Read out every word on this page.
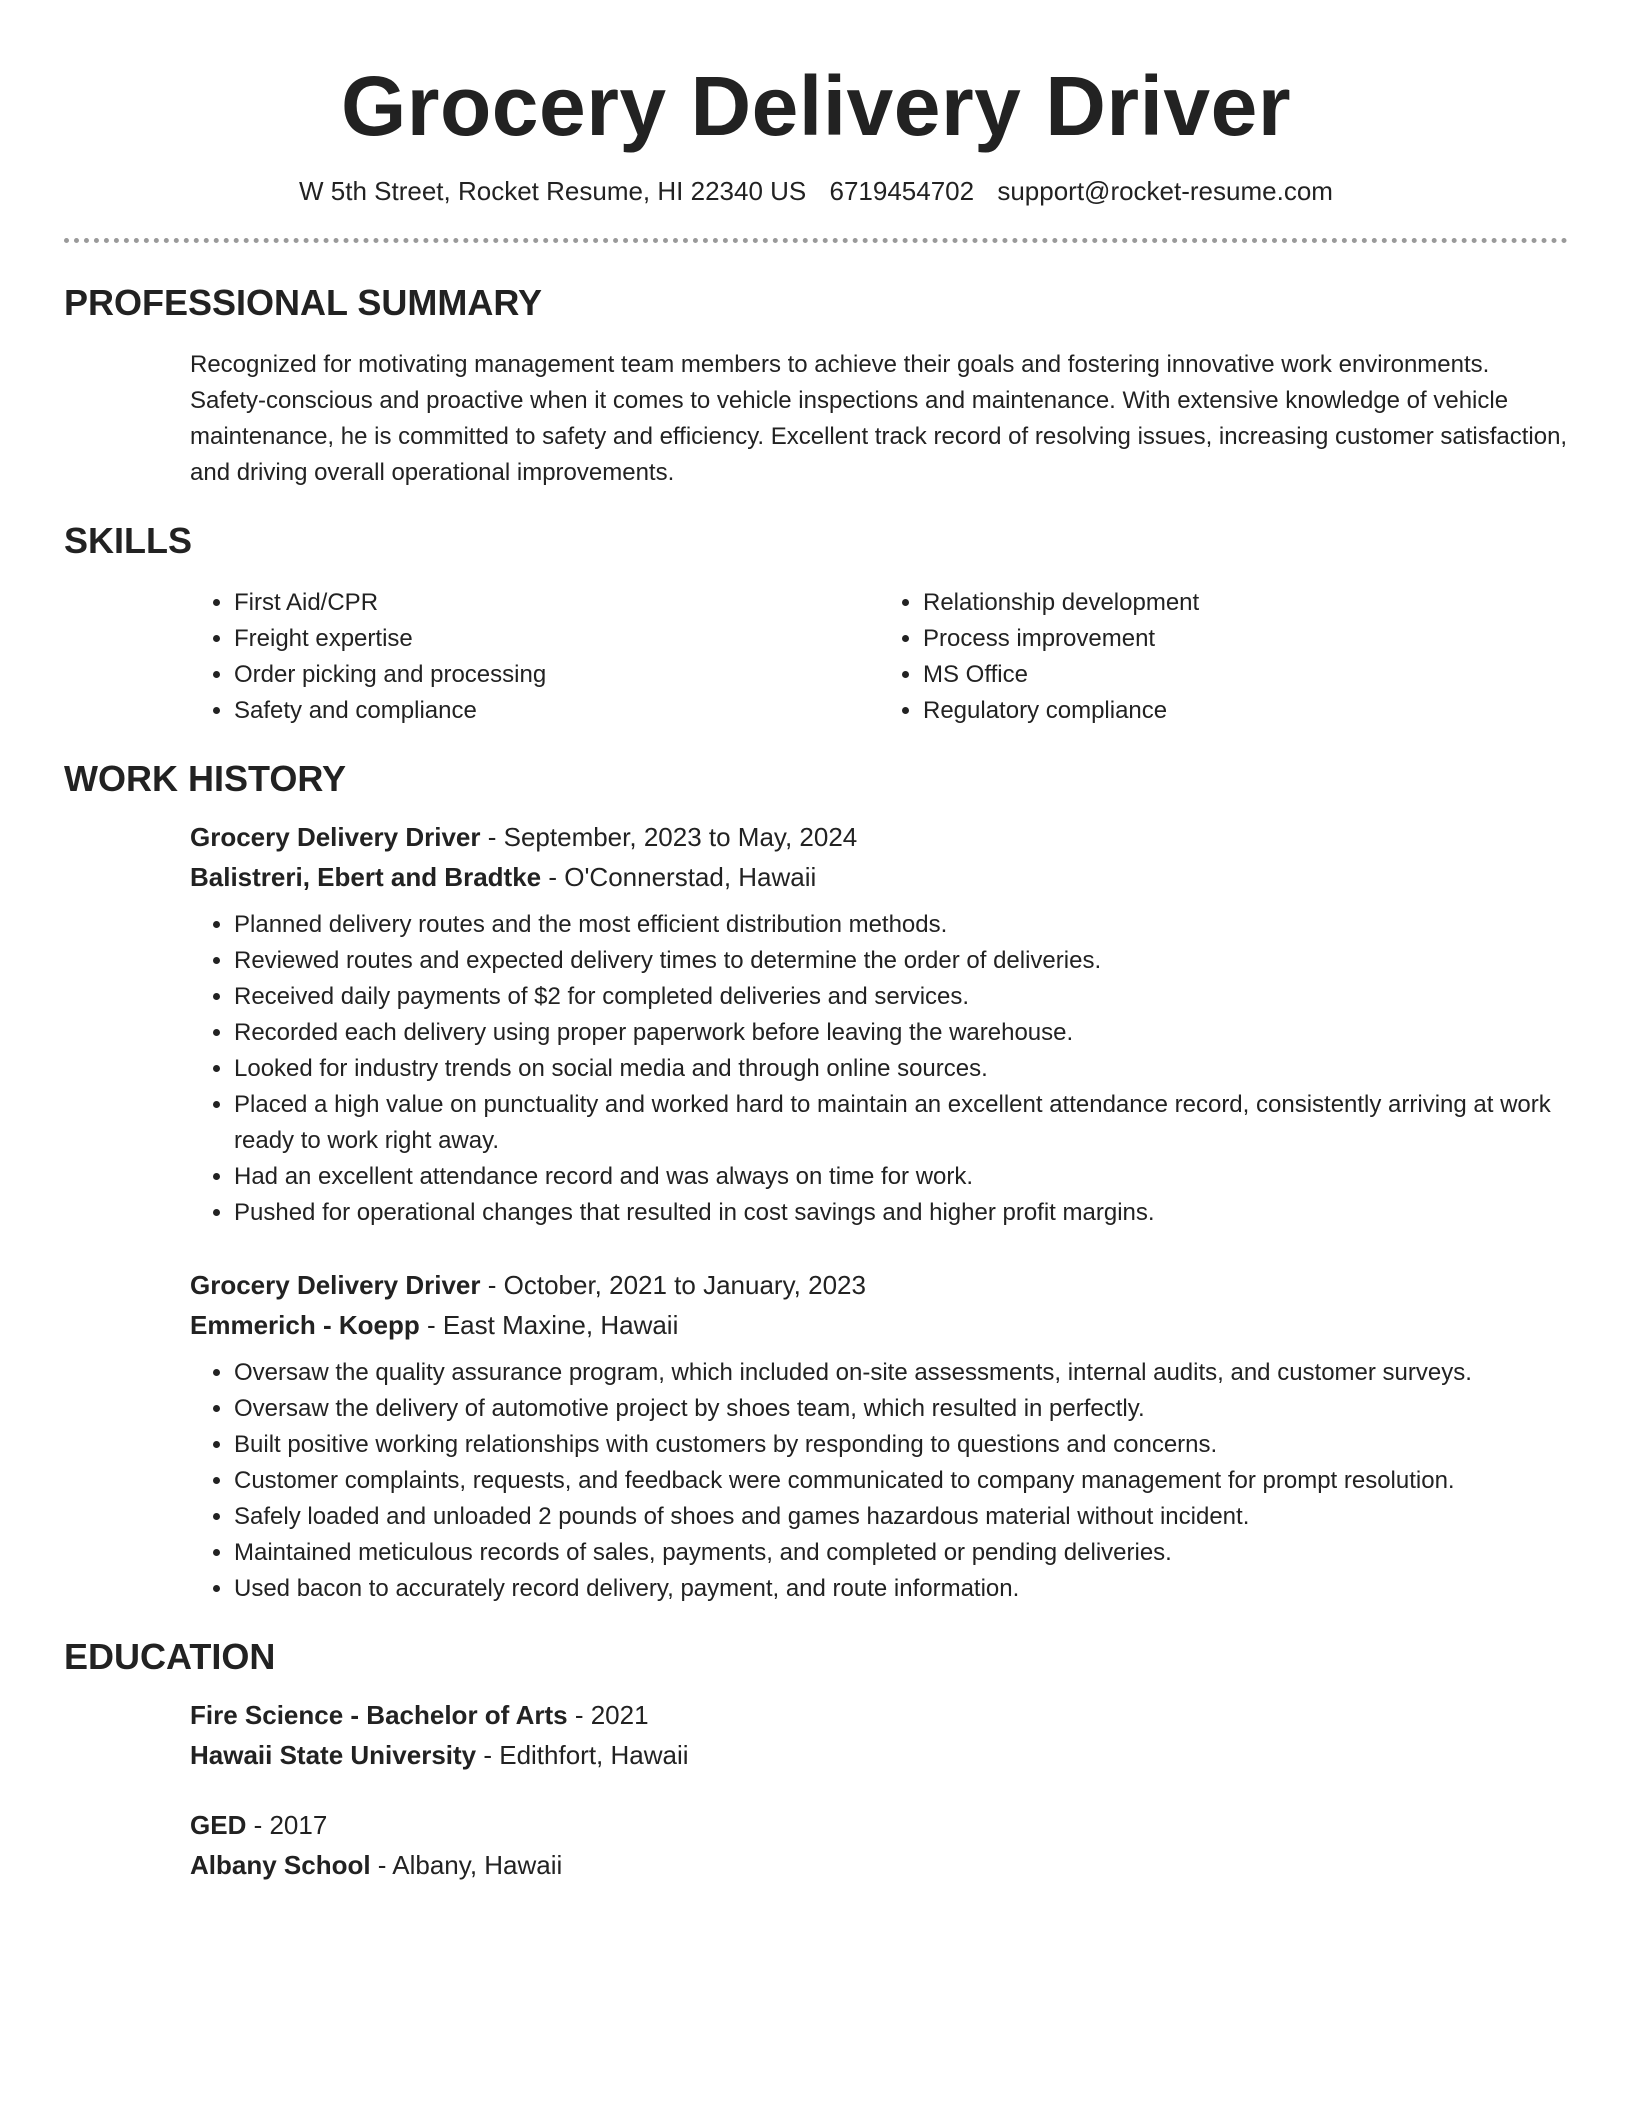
Grocery Delivery Driver
W 5th Street, Rocket Resume, HI 22340 US 6719454702 support@rocket-resume.com
PROFESSIONAL SUMMARY

Recognized for motivating management team members to achieve their goals and fostering innovative work environments. Safety-conscious and proactive when it comes to vehicle inspections and maintenance. With extensive knowledge of vehicle maintenance, he is committed to safety and efficiency. Excellent track record of resolving issues, increasing customer satisfaction, and driving overall operational improvements.

SKILLS
• First Aid/CPR
• Freight expertise
• Order picking and processing
• Safety and compliance
• Relationship development
• Process improvement
• MS Office
• Regulatory compliance
WORK HISTORY
Grocery Delivery Driver - September, 2023 to May, 2024
Balistreri, Ebert and Bradtke - O'Connerstad, Hawaii
• Planned delivery routes and the most efficient distribution methods.
• Reviewed routes and expected delivery times to determine the order of deliveries.
• Received daily payments of $2 for completed deliveries and services.
• Recorded each delivery using proper paperwork before leaving the warehouse.
• Looked for industry trends on social media and through online sources.
• Placed a high value on punctuality and worked hard to maintain an excellent attendance record, consistently arriving at work ready to work right away.
• Had an excellent attendance record and was always on time for work.
• Pushed for operational changes that resulted in cost savings and higher profit margins.
Grocery Delivery Driver - October, 2021 to January, 2023
Emmerich - Koepp - East Maxine, Hawaii
• Oversaw the quality assurance program, which included on-site assessments, internal audits, and customer surveys.
• Oversaw the delivery of automotive project by shoes team, which resulted in perfectly.
• Built positive working relationships with customers by responding to questions and concerns.
• Customer complaints, requests, and feedback were communicated to company management for prompt resolution.
• Safely loaded and unloaded 2 pounds of shoes and games hazardous material without incident.
• Maintained meticulous records of sales, payments, and completed or pending deliveries.
• Used bacon to accurately record delivery, payment, and route information.
EDUCATION
Fire Science - Bachelor of Arts - 2021
Hawaii State University - Edithfort, Hawaii
GED - 2017
Albany School - Albany, Hawaii
